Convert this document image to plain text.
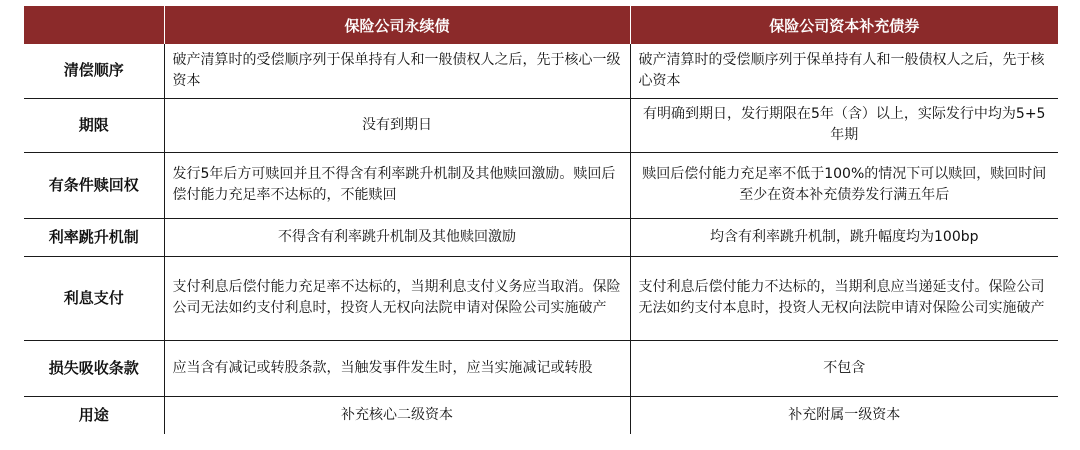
	保险公司永续债	保险公司资本补充债券
清偿顺序	破产清算时的受偿顺序列于保单持有人和一般债权人之后，先于核心一级资本	破产清算时的受偿顺序列于保单持有人和一般债权人之后，先于核心资本
期限	没有到期日	有明确到期日，发行期限在5年（含）以上，实际发行中均为5+5年期
有条件赎回权	发行5年后方可赎回并且不得含有利率跳升机制及其他赎回激励。赎回后偿付能力充足率不达标的，不能赎回	赎回后偿付能力充足率不低于100%的情况下可以赎回，赎回时间至少在资本补充债券发行满五年后
利率跳升机制	不得含有利率跳升机制及其他赎回激励	均含有利率跳升机制，跳升幅度均为100bp
利息支付	支付利息后偿付能力充足率不达标的，当期利息支付义务应当取消。保险公司无法如约支付利息时，投资人无权向法院申请对保险公司实施破产	支付利息后偿付能力不达标的，当期利息应当递延支付。保险公司无法如约支付本息时，投资人无权向法院申请对保险公司实施破产
损失吸收条款	应当含有减记或转股条款，当触发事件发生时，应当实施减记或转股	不包含
用途	补充核心二级资本	补充附属一级资本
